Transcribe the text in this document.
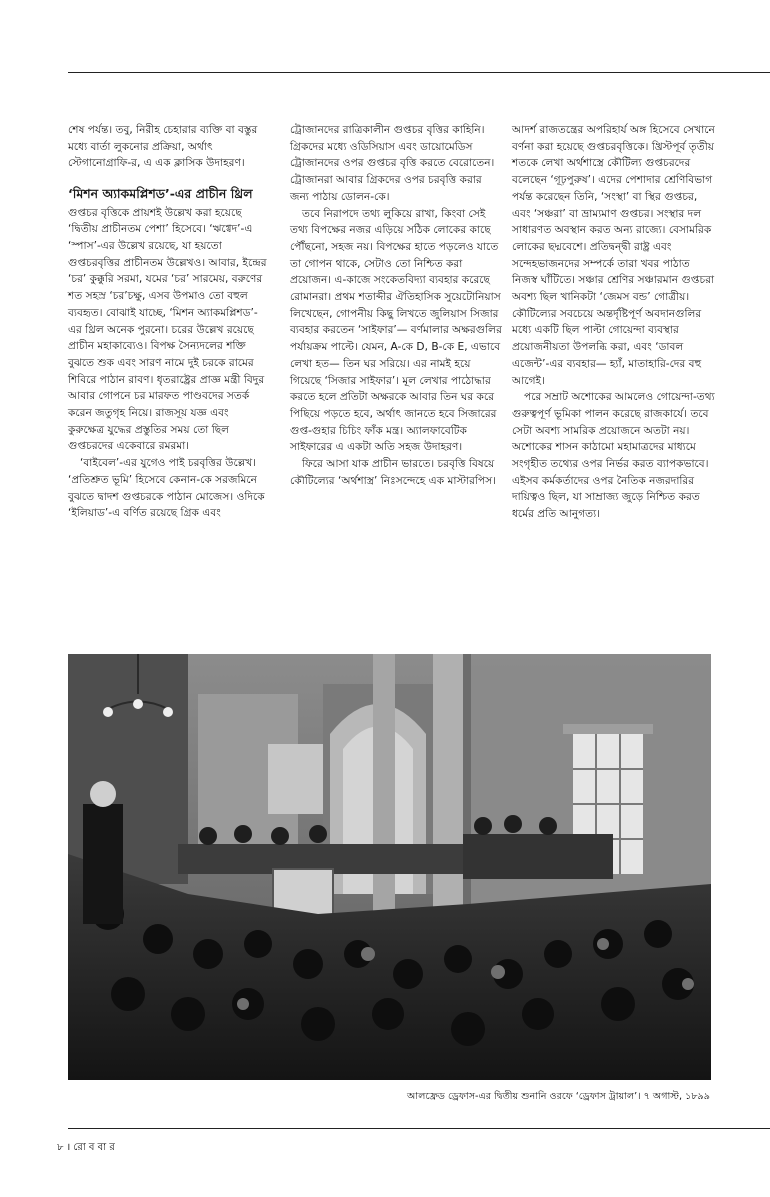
শেষ পর্যন্ত। তবু, নিরীহ চেহারার ব্যক্তি বা বস্তুর মধ্যে বার্তা লুকনোর প্রক্রিয়া, অর্থাৎ স্টেগানোগ্রাফি-র, এ এক ক্লাসিক উদাহরণ।

‘মিশন অ্যাকমপ্লিশড’-এর প্রাচীন থ্রিল

গুপ্তচর বৃত্তিকে প্রায়শই উল্লেখ করা হয়েছে ‘দ্বিতীয় প্রাচীনতম পেশা’ হিসেবে। ‘ঋগ্বেদ’-এ ‘স্পাস’-এর উল্লেখ রয়েছে, যা হয়তো গুপ্তচরবৃত্তির প্রাচীনতম উল্লেখও। আবার, ইন্দ্রের ‘চর’ কুক্কুরি সরমা, যমের ‘চর’ সারমেয়, বরুণের শত সহস্র ‘চর’চক্ষু, এসব উপমাও তো বহুল ব্যবহৃত। বোঝাই যাচ্ছে, ‘মিশন অ্যাকমপ্লিশড’-এর থ্রিল অনেক পুরনো। চরের উল্লেখ রয়েছে প্রাচীন মহাকাব্যেও। বিপক্ষ সৈন্যদলের শক্তি বুঝতে শুক এবং সারণ নামে দুই চরকে রামের শিবিরে পাঠান রাবণ। ধৃতরাষ্ট্রের প্রাজ্ঞ মন্ত্রী বিদুর আবার গোপনে চর মারফত পাণ্ডবদের সতর্ক করেন জতুগৃহ নিয়ে। রাজসূয় যজ্ঞ এবং কুরুক্ষেত্র যুদ্ধের প্রস্তুতির সময় তো ছিল গুপ্তচরদের একেবারে রমরমা।

‘বাইবেল’-এর যুগেও পাই চরবৃত্তির উল্লেখ। ‘প্রতিশ্রুত ভূমি’ হিসেবে কেনান-কে সরজমিনে বুঝতে দ্বাদশ গুপ্তচরকে পাঠান মোজেস। ওদিকে ‘ইলিয়াড’-এ বর্ণিত রয়েছে গ্রিক এবং

ট্রোজানদের রাত্রিকালীন গুপ্তচর বৃত্তির কাহিনি। গ্রিকদের মধ্যে ওডিসিয়াস এবং ডায়োমেডিস ট্রোজানদের ওপর গুপ্তচর বৃত্তি করতে বেরোতেন। ট্রোজানরা আবার গ্রিকদের ওপর চরবৃত্তি করার জন্য পাঠায় ডোলন-কে।

তবে নিরাপদে তথ্য লুকিয়ে রাখা, কিংবা সেই তথ্য বিপক্ষের নজর এড়িয়ে সঠিক লোকের কাছে পৌঁছনো, সহজ নয়। বিপক্ষের হাতে পড়লেও যাতে তা গোপন থাকে, সেটাও তো নিশ্চিত করা প্রয়োজন। এ-কাজে সংকেতবিদ্যা ব্যবহার করেছে রোমানরা। প্রথম শতাব্দীর ঐতিহাসিক সুয়েটোনিয়াস লিখেছেন, গোপনীয় কিছু লিখতে জুলিয়াস সিজার ব্যবহার করতেন ‘সাইফার’— বর্ণমালার অক্ষরগুলির পর্যায়ক্রম পাল্টে। যেমন, A-কে D, B-কে E, এভাবে লেখা হত— তিন ঘর সরিয়ে। এর নামই হয়ে গিয়েছে ‘সিজার সাইফার’। মূল লেখার পাঠোদ্ধার করতে হলে প্রতিটা অক্ষরকে আবার তিন ঘর করে পিছিয়ে পড়তে হবে, অর্থাৎ জানতে হবে সিজারের গুপ্ত-গুহার চিচিং ফাঁক মন্ত্র। অ্যালফাবেটিক সাইফারের এ একটা অতি সহজ উদাহরণ।

ফিরে আসা যাক প্রাচীন ভারতে। চরবৃত্তি বিষয়ে কৌটিল্যের ‘অর্থশাস্ত্র’ নিঃসন্দেহে এক মাস্টারপিস।

আদর্শ রাজতন্ত্রের অপরিহার্য অঙ্গ হিসেবে সেখানে বর্ণনা করা হয়েছে গুপ্তচরবৃত্তিকে। খ্রিস্টপূর্ব তৃতীয় শতকে লেখা অর্থশাস্ত্রে কৌটিল্য গুপ্তচরদের বলেছেন ‘গূঢ়পুরুষ’। এদের পেশাদার শ্রেণিবিভাগ পর্যন্ত করেছেন তিনি, ‘সংস্থা’ বা স্থির গুপ্তচর, এবং ‘সঞ্চরা’ বা ভ্রাম্যমাণ গুপ্তচর। সংস্থার দল সাধারণত অবস্থান করত অন্য রাজ্যে। বেসামরিক লোকের ছদ্মবেশে। প্রতিদ্বন্দ্বী রাষ্ট্র এবং সন্দেহভাজনদের সম্পর্কে তারা খবর পাঠাত নিজস্ব ঘাঁটিতে। সঞ্চার শ্রেণির সঞ্চারমান গুপ্তচরা অবশ্য ছিল খানিকটা ‘জেমস বন্ড’ গোত্রীয়। কৌটিল্যের সবচেয়ে অন্তর্দৃষ্টিপূর্ণ অবদানগুলির মধ্যে একটি ছিল পাল্টা গোয়েন্দা ব্যবস্থার প্রয়োজনীয়তা উপলব্ধি করা, এবং ‘ডাবল এজেন্ট’-এর ব্যবহার— হ্যাঁ, মাতাহারি-দের বহু আগেই।

পরে সম্রাট অশোকের আমলেও গোয়েন্দা-তথ্য গুরুত্বপূর্ণ ভূমিকা পালন করেছে রাজকার্যে। তবে সেটা অবশ্য সামরিক প্রয়োজনে অতটা নয়। অশোকের শাসন কাঠামো মহামাত্রদের মাধ্যমে সংগৃহীত তথ্যের ওপর নির্ভর করত ব্যাপকভাবে। এইসব কর্মকর্তাদের ওপর নৈতিক নজরদারির দায়িত্বও ছিল, যা সাম্রাজ্য জুড়ে নিশ্চিত করত ধর্মের প্রতি আনুগত্য।

আলফ্রেড ড্রেফাস-এর দ্বিতীয় শুনানি ওরফে ‘ড্রেফাস ট্রায়াল’। ৭ অগাস্ট, ১৮৯৯
৮ । রো ব বা র
